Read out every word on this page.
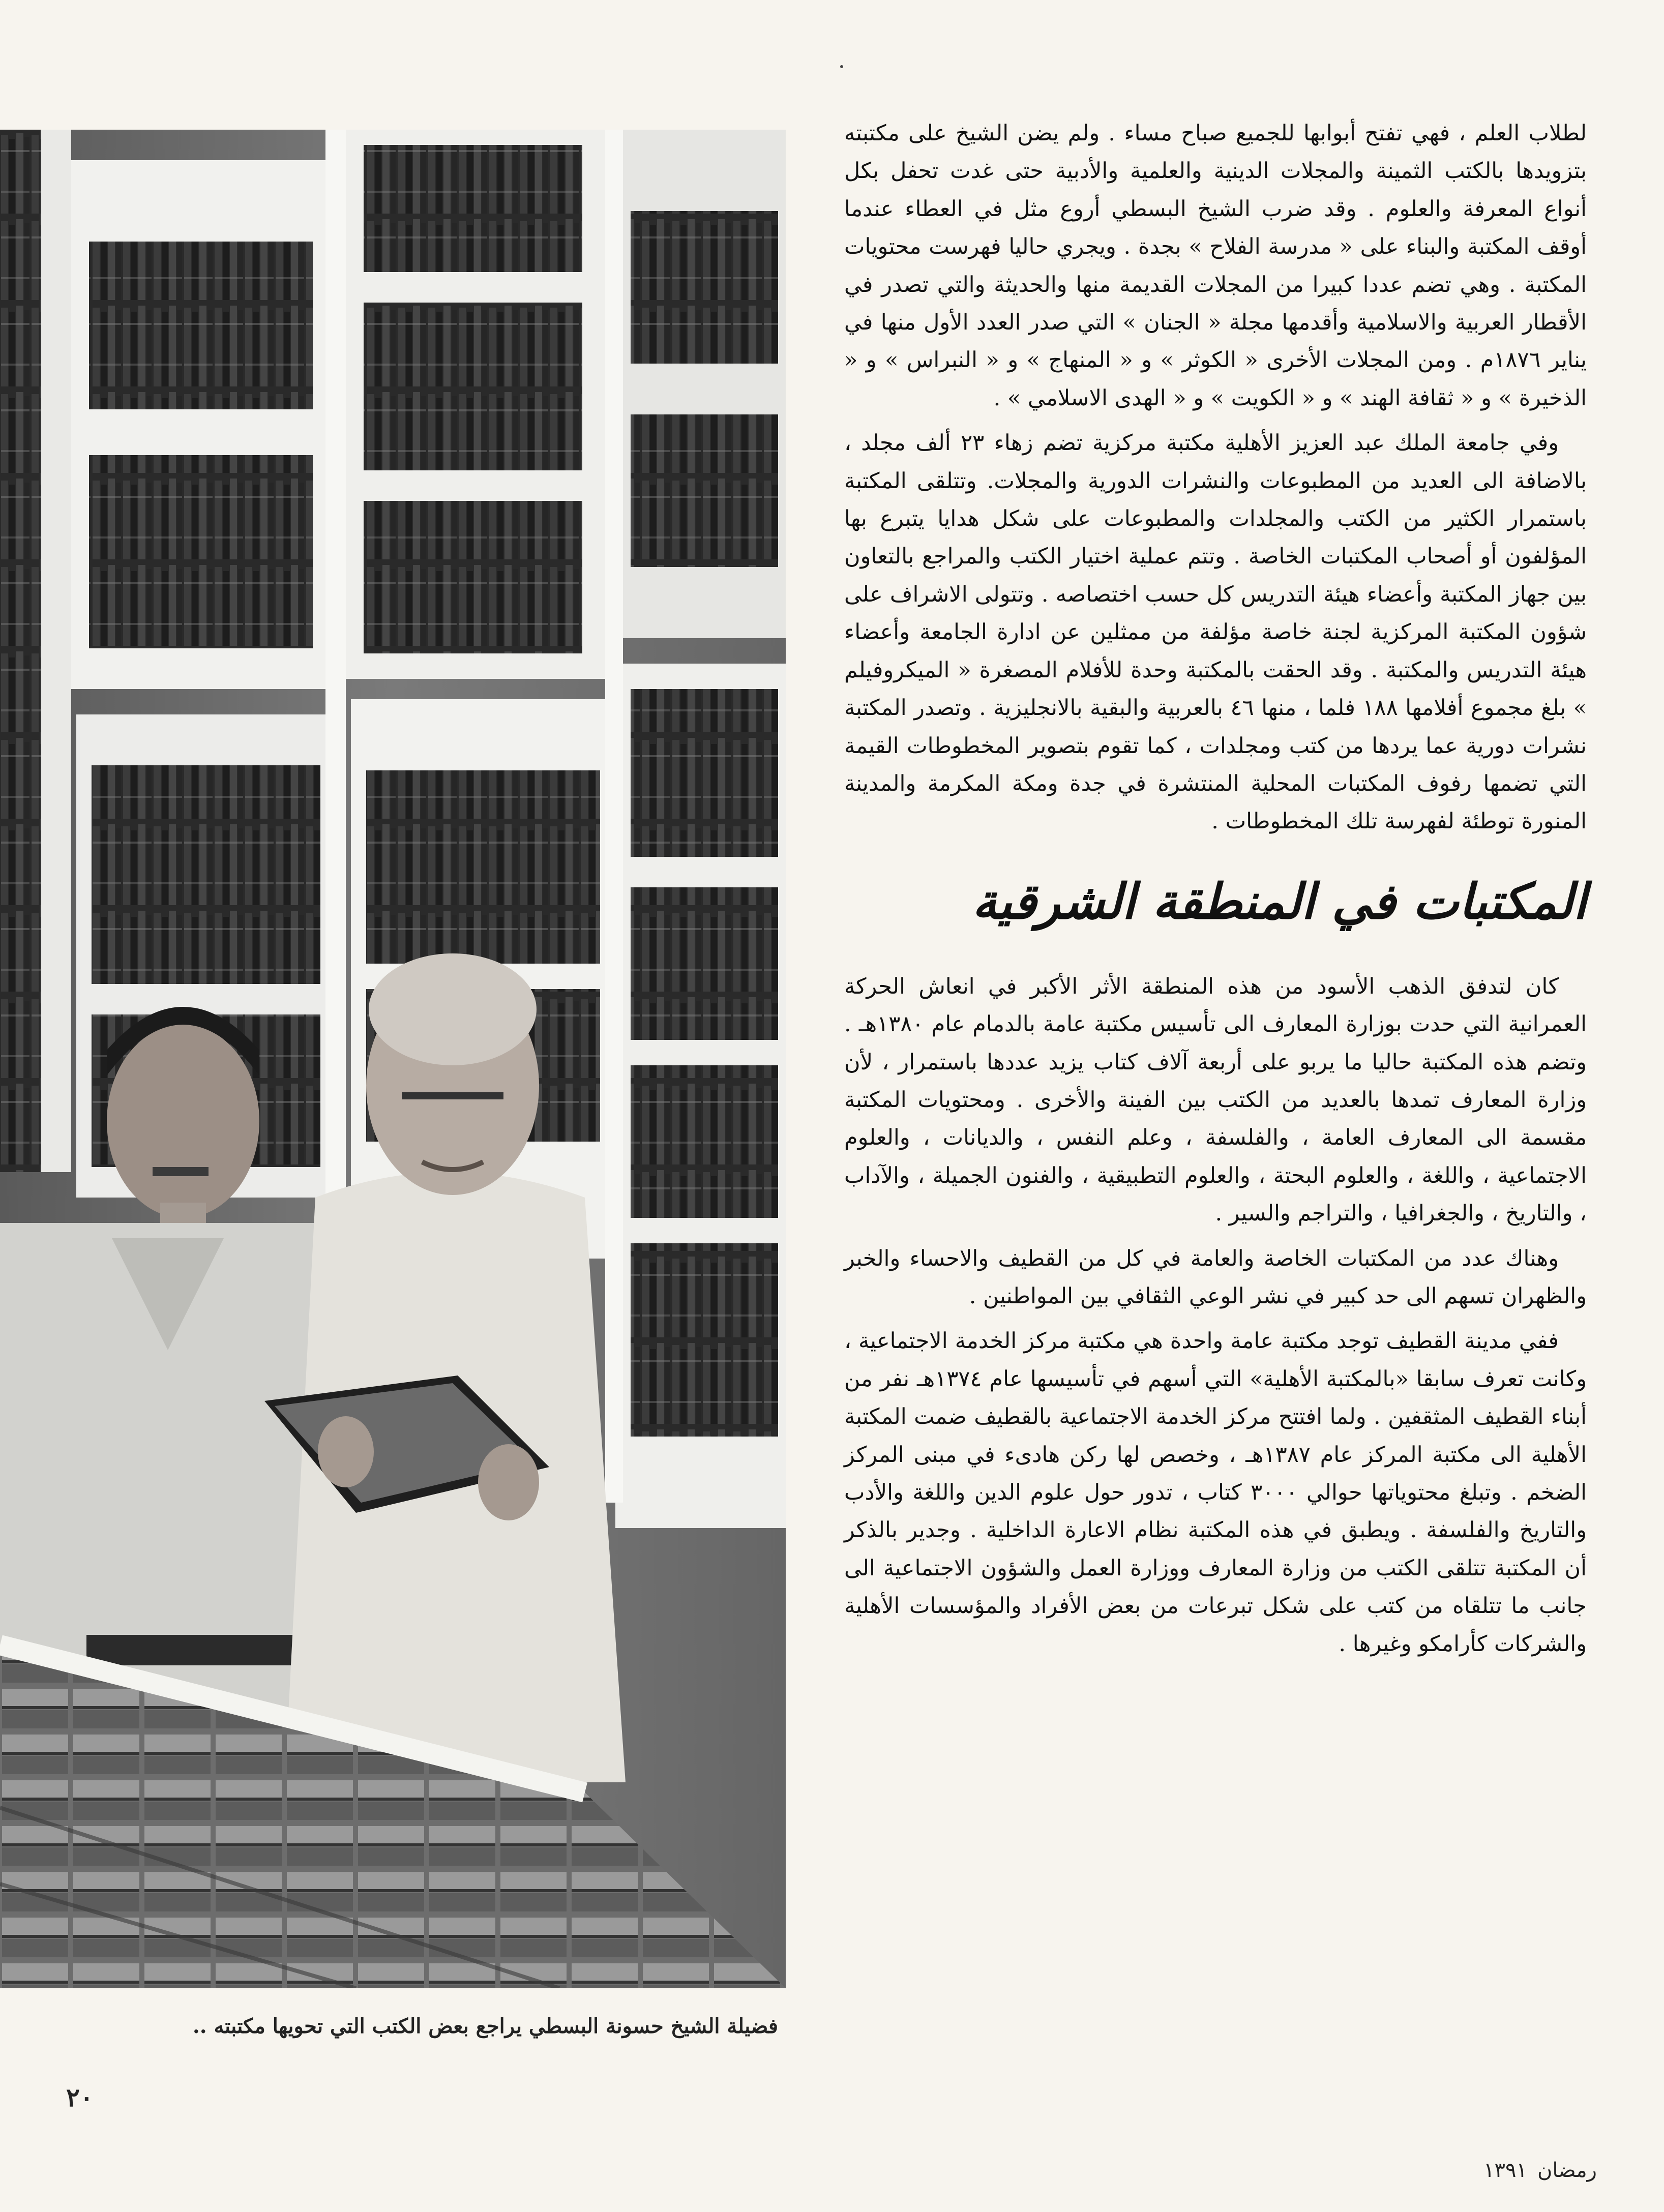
فضيلة الشيخ حسونة البسطي يراجع بعض الكتب التي تحويها مكتبته ..
٢٠

لطلاب العلم ، فهي تفتح أبوابها للجميع صباح مساء . ولم يضن الشيخ على مكتبته بتزويدها بالكتب الثمينة والمجلات الدينية والعلمية والأدبية حتى غدت تحفل بكل أنواع المعرفة والعلوم . وقد ضرب الشيخ البسطي أروع مثل في العطاء عندما أوقف المكتبة والبناء على « مدرسة الفلاح » بجدة . ويجري حاليا فهرست محتويات المكتبة . وهي تضم عددا كبيرا من المجلات القديمة منها والحديثة والتي تصدر في الأقطار العربية والاسلامية وأقدمها مجلة « الجنان » التي صدر العدد الأول منها في يناير ١٨٧٦م . ومن المجلات الأخرى « الكوثر » و « المنهاج » و « النبراس » و « الذخيرة » و « ثقافة الهند » و « الكويت » و « الهدى الاسلامي » .

وفي جامعة الملك عبد العزيز الأهلية مكتبة مركزية تضم زهاء ٢٣ ألف مجلد ، بالاضافة الى العديد من المطبوعات والنشرات الدورية والمجلات. وتتلقى المكتبة باستمرار الكثير من الكتب والمجلدات والمطبوعات على شكل هدايا يتبرع بها المؤلفون أو أصحاب المكتبات الخاصة . وتتم عملية اختيار الكتب والمراجع بالتعاون بين جهاز المكتبة وأعضاء هيئة التدريس كل حسب اختصاصه . وتتولى الاشراف على شؤون المكتبة المركزية لجنة خاصة مؤلفة من ممثلين عن ادارة الجامعة وأعضاء هيئة التدريس والمكتبة . وقد الحقت بالمكتبة وحدة للأفلام المصغرة « الميكروفيلم » بلغ مجموع أفلامها ١٨٨ فلما ، منها ٤٦ بالعربية والبقية بالانجليزية . وتصدر المكتبة نشرات دورية عما يردها من كتب ومجلدات ، كما تقوم بتصوير المخطوطات القيمة التي تضمها رفوف المكتبات المحلية المنتشرة في جدة ومكة المكرمة والمدينة المنورة توطئة لفهرسة تلك المخطوطات .

المكتبات في المنطقة الشرقية

كان لتدفق الذهب الأسود من هذه المنطقة الأثر الأكبر في انعاش الحركة العمرانية التي حدت بوزارة المعارف الى تأسيس مكتبة عامة بالدمام عام ١٣٨٠هـ . وتضم هذه المكتبة حاليا ما يربو على أربعة آلاف كتاب يزيد عددها باستمرار ، لأن وزارة المعارف تمدها بالعديد من الكتب بين الفينة والأخرى . ومحتويات المكتبة مقسمة الى المعارف العامة ، والفلسفة ، وعلم النفس ، والديانات ، والعلوم الاجتماعية ، واللغة ، والعلوم البحتة ، والعلوم التطبيقية ، والفنون الجميلة ، والآداب ، والتاريخ ، والجغرافيا ، والتراجم والسير .

وهناك عدد من المكتبات الخاصة والعامة في كل من القطيف والاحساء والخبر والظهران تسهم الى حد كبير في نشر الوعي الثقافي بين المواطنين .

ففي مدينة القطيف توجد مكتبة عامة واحدة هي مكتبة مركز الخدمة الاجتماعية ، وكانت تعرف سابقا «بالمكتبة الأهلية» التي أسهم في تأسيسها عام ١٣٧٤هـ نفر من أبناء القطيف المثقفين . ولما افتتح مركز الخدمة الاجتماعية بالقطيف ضمت المكتبة الأهلية الى مكتبة المركز عام ١٣٨٧هـ ، وخصص لها ركن هادىء في مبنى المركز الضخم . وتبلغ محتوياتها حوالي ٣٠٠٠ كتاب ، تدور حول علوم الدين واللغة والأدب والتاريخ والفلسفة . ويطبق في هذه المكتبة نظام الاعارة الداخلية . وجدير بالذكر أن المكتبة تتلقى الكتب من وزارة المعارف ووزارة العمل والشؤون الاجتماعية الى جانب ما تتلقاه من كتب على شكل تبرعات من بعض الأفراد والمؤسسات الأهلية والشركات كأرامكو وغيرها .

رمضان١٣٩١
